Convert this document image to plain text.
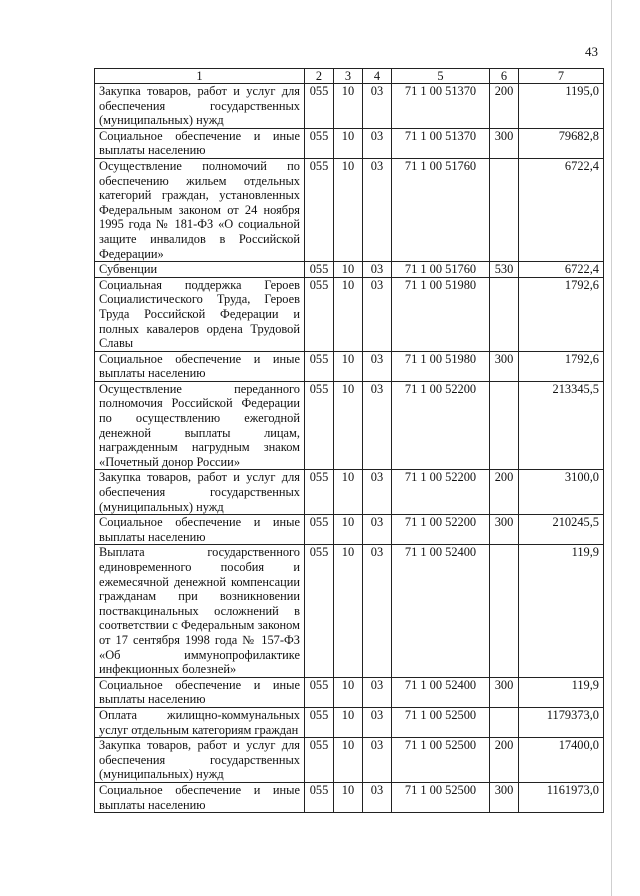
43
1	2	3	4	5	6	7
Закупка товаров, работ и услуг для обеспечения государственных (муниципальных) нужд	055	10	03	71 1 00 51370	200	1195,0
Социальное обеспечение и иные выплаты населению	055	10	03	71 1 00 51370	300	79682,8
Осуществление полномочий по обеспечению жильем отдельных категорий граждан, установленных Федеральным законом от 24 ноября 1995 года № 181-ФЗ «О социальной защите инвалидов в Российской Федерации»	055	10	03	71 1 00 51760		6722,4
Субвенции	055	10	03	71 1 00 51760	530	6722,4
Социальная поддержка Героев Социалистического Труда, Героев Труда Российской Федерации и полных кавалеров ордена Трудовой Славы	055	10	03	71 1 00 51980		1792,6
Социальное обеспечение и иные выплаты населению	055	10	03	71 1 00 51980	300	1792,6
Осуществление переданного полномочия Российской Федерации по осуществлению ежегодной денежной выплаты лицам, награжденным нагрудным знаком «Почетный донор России»	055	10	03	71 1 00 52200		213345,5
Закупка товаров, работ и услуг для обеспечения государственных (муниципальных) нужд	055	10	03	71 1 00 52200	200	3100,0
Социальное обеспечение и иные выплаты населению	055	10	03	71 1 00 52200	300	210245,5
Выплата государственного единовременного пособия и ежемесячной денежной компенсации гражданам при возникновении поствакцинальных осложнений в соответствии с Федеральным законом от 17 сентября 1998 года № 157-ФЗ «Об иммунопрофилактике инфекционных болезней»	055	10	03	71 1 00 52400		119,9
Социальное обеспечение и иные выплаты населению	055	10	03	71 1 00 52400	300	119,9
Оплата жилищно-коммунальных услуг отдельным категориям граждан	055	10	03	71 1 00 52500		1179373,0
Закупка товаров, работ и услуг для обеспечения государственных (муниципальных) нужд	055	10	03	71 1 00 52500	200	17400,0
Социальное обеспечение и иные выплаты населению	055	10	03	71 1 00 52500	300	1161973,0
